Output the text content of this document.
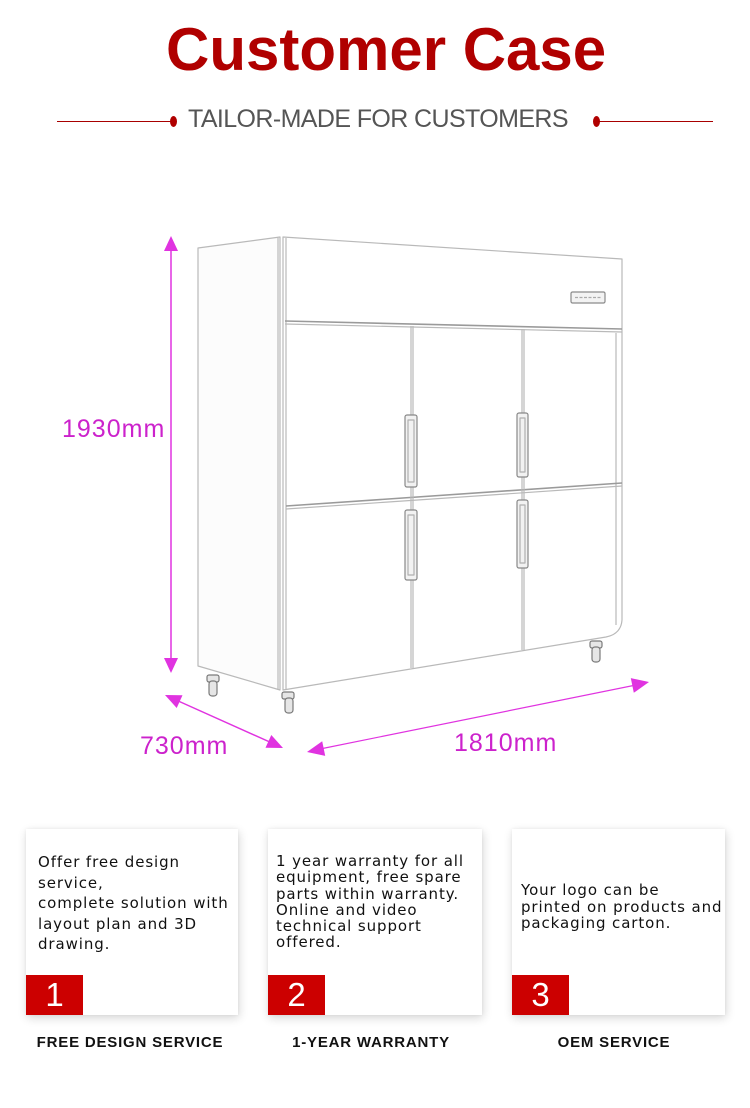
Customer Case
TAILOR-MADE FOR CUSTOMERS
1930mm
730mm	1810mm
Offer free design
service,
complete solution with
layout plan and 3D
drawing.
1
FREE DESIGN SERVICE
1 year warranty for all
equipment, free spare
parts within warranty.
Online and video
technical support
offered.
2
1-YEAR WARRANTY
Your logo can be
printed on products and
packaging carton.
3
OEM SERVICE
